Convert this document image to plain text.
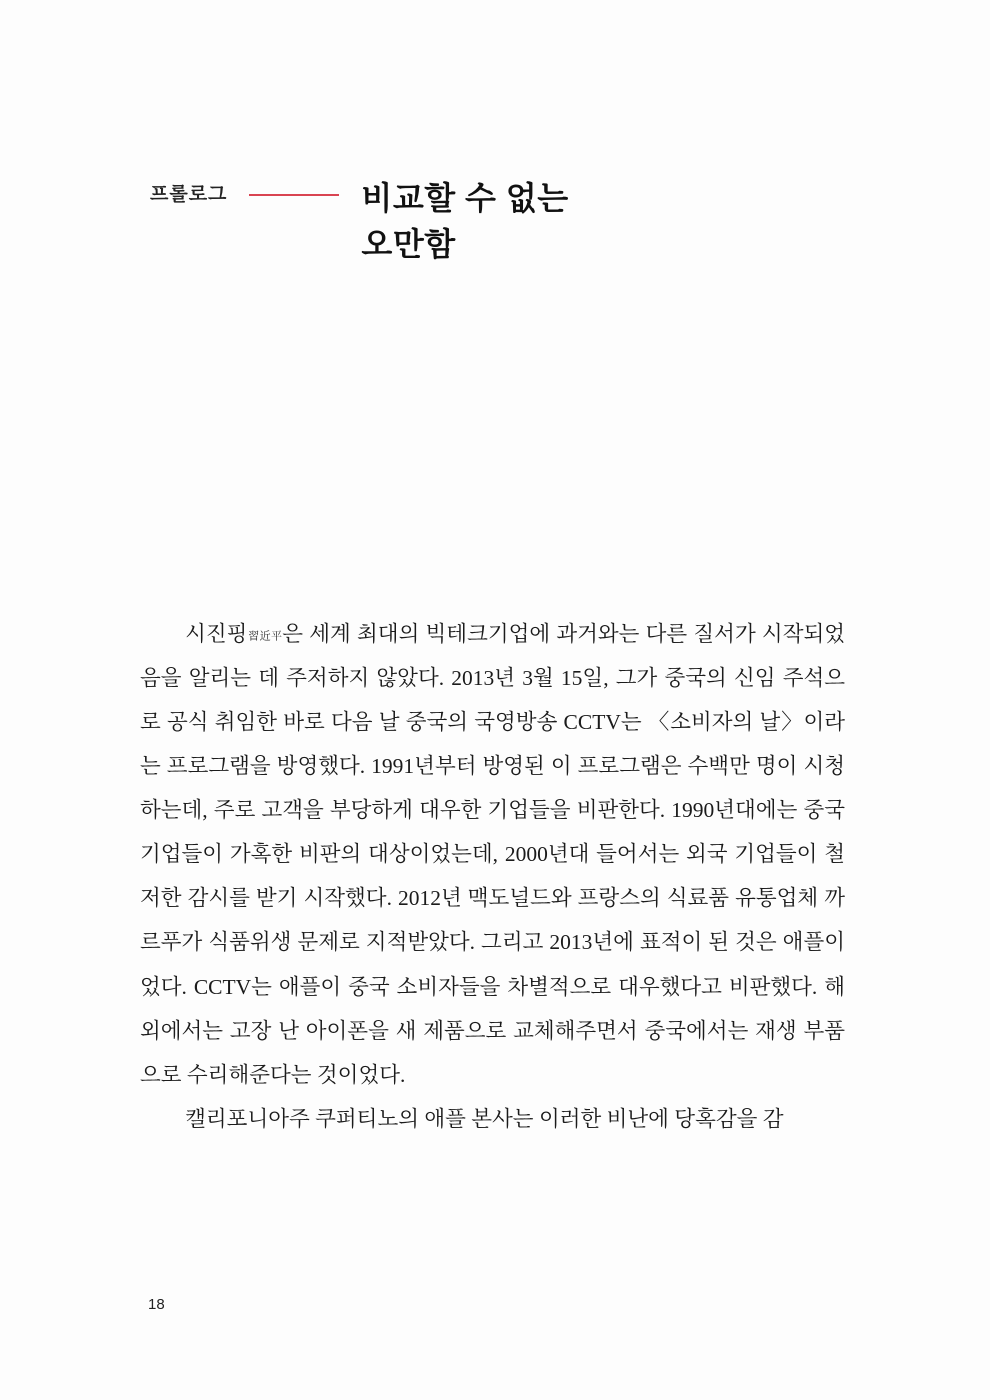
프롤로그	비교할 수 없는
오만함

시진핑習近平은 세계 최대의 빅테크기업에 과거와는 다른 질서가 시작되었음을 알리는 데 주저하지 않았다. 2013년 3월 15일, 그가 중국의 신임 주석으로 공식 취임한 바로 다음 날 중국의 국영방송 CCTV는 〈소비자의 날〉이라는 프로그램을 방영했다. 1991년부터 방영된 이 프로그램은 수백만 명이 시청하는데, 주로 고객을 부당하게 대우한 기업들을 비판한다. 1990년대에는 중국 기업들이 가혹한 비판의 대상이었는데, 2000년대 들어서는 외국 기업들이 철저한 감시를 받기 시작했다. 2012년 맥도널드와 프랑스의 식료품 유통업체 까르푸가 식품위생 문제로 지적받았다. 그리고 2013년에 표적이 된 것은 애플이었다. CCTV는 애플이 중국 소비자들을 차별적으로 대우했다고 비판했다. 해외에서는 고장 난 아이폰을 새 제품으로 교체해주면서 중국에서는 재생 부품으로 수리해준다는 것이었다.

캘리포니아주 쿠퍼티노의 애플 본사는 이러한 비난에 당혹감을 감

18
